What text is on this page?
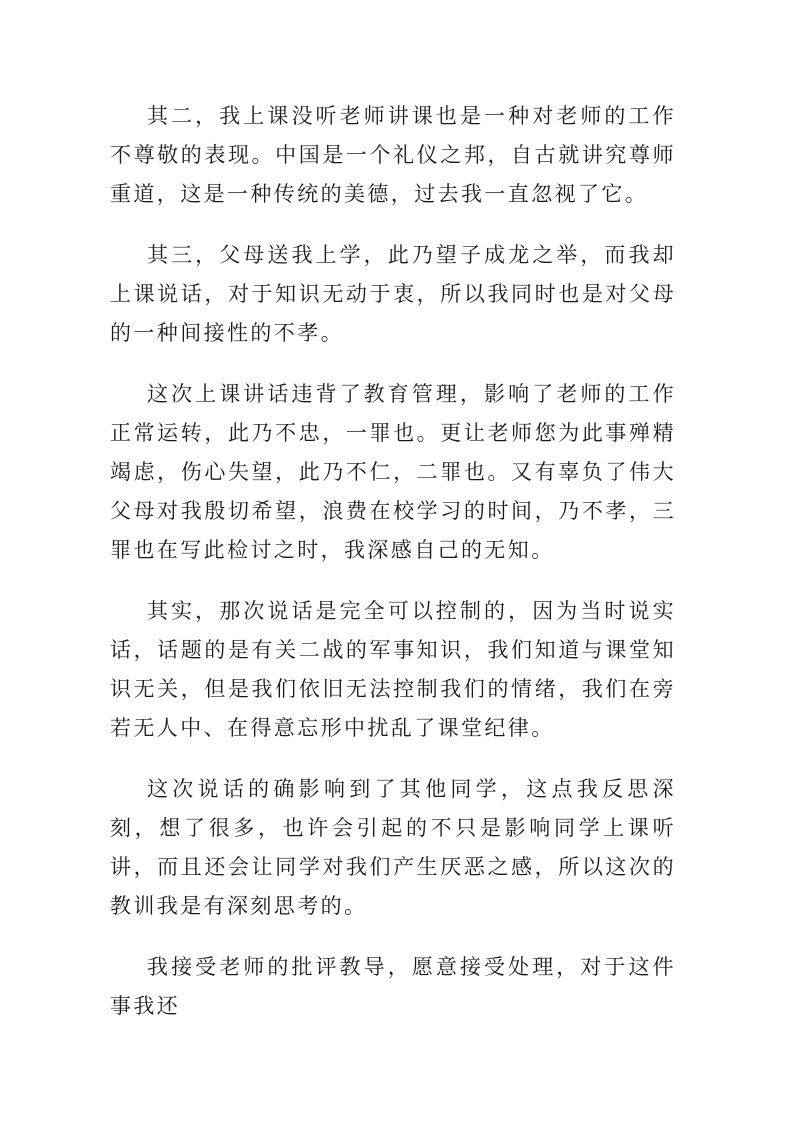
其二，我上课没听老师讲课也是一种对老师的工作不尊敬的表现。中国是一个礼仪之邦，自古就讲究尊师重道，这是一种传统的美德，过去我一直忽视了它。

其三，父母送我上学，此乃望子成龙之举，而我却上课说话，对于知识无动于衷，所以我同时也是对父母的一种间接性的不孝。

这次上课讲话违背了教育管理，影响了老师的工作正常运转，此乃不忠，一罪也。更让老师您为此事殚精竭虑，伤心失望，此乃不仁，二罪也。又有辜负了伟大父母对我殷切希望，浪费在校学习的时间，乃不孝，三罪也在写此检讨之时，我深感自己的无知。

其实，那次说话是完全可以控制的，因为当时说实话，话题的是有关二战的军事知识，我们知道与课堂知识无关，但是我们依旧无法控制我们的情绪，我们在旁若无人中、在得意忘形中扰乱了课堂纪律。

这次说话的确影响到了其他同学，这点我反思深刻，想了很多，也许会引起的不只是影响同学上课听讲，而且还会让同学对我们产生厌恶之感，所以这次的教训我是有深刻思考的。

我接受老师的批评教导，愿意接受处理，对于这件事我还
